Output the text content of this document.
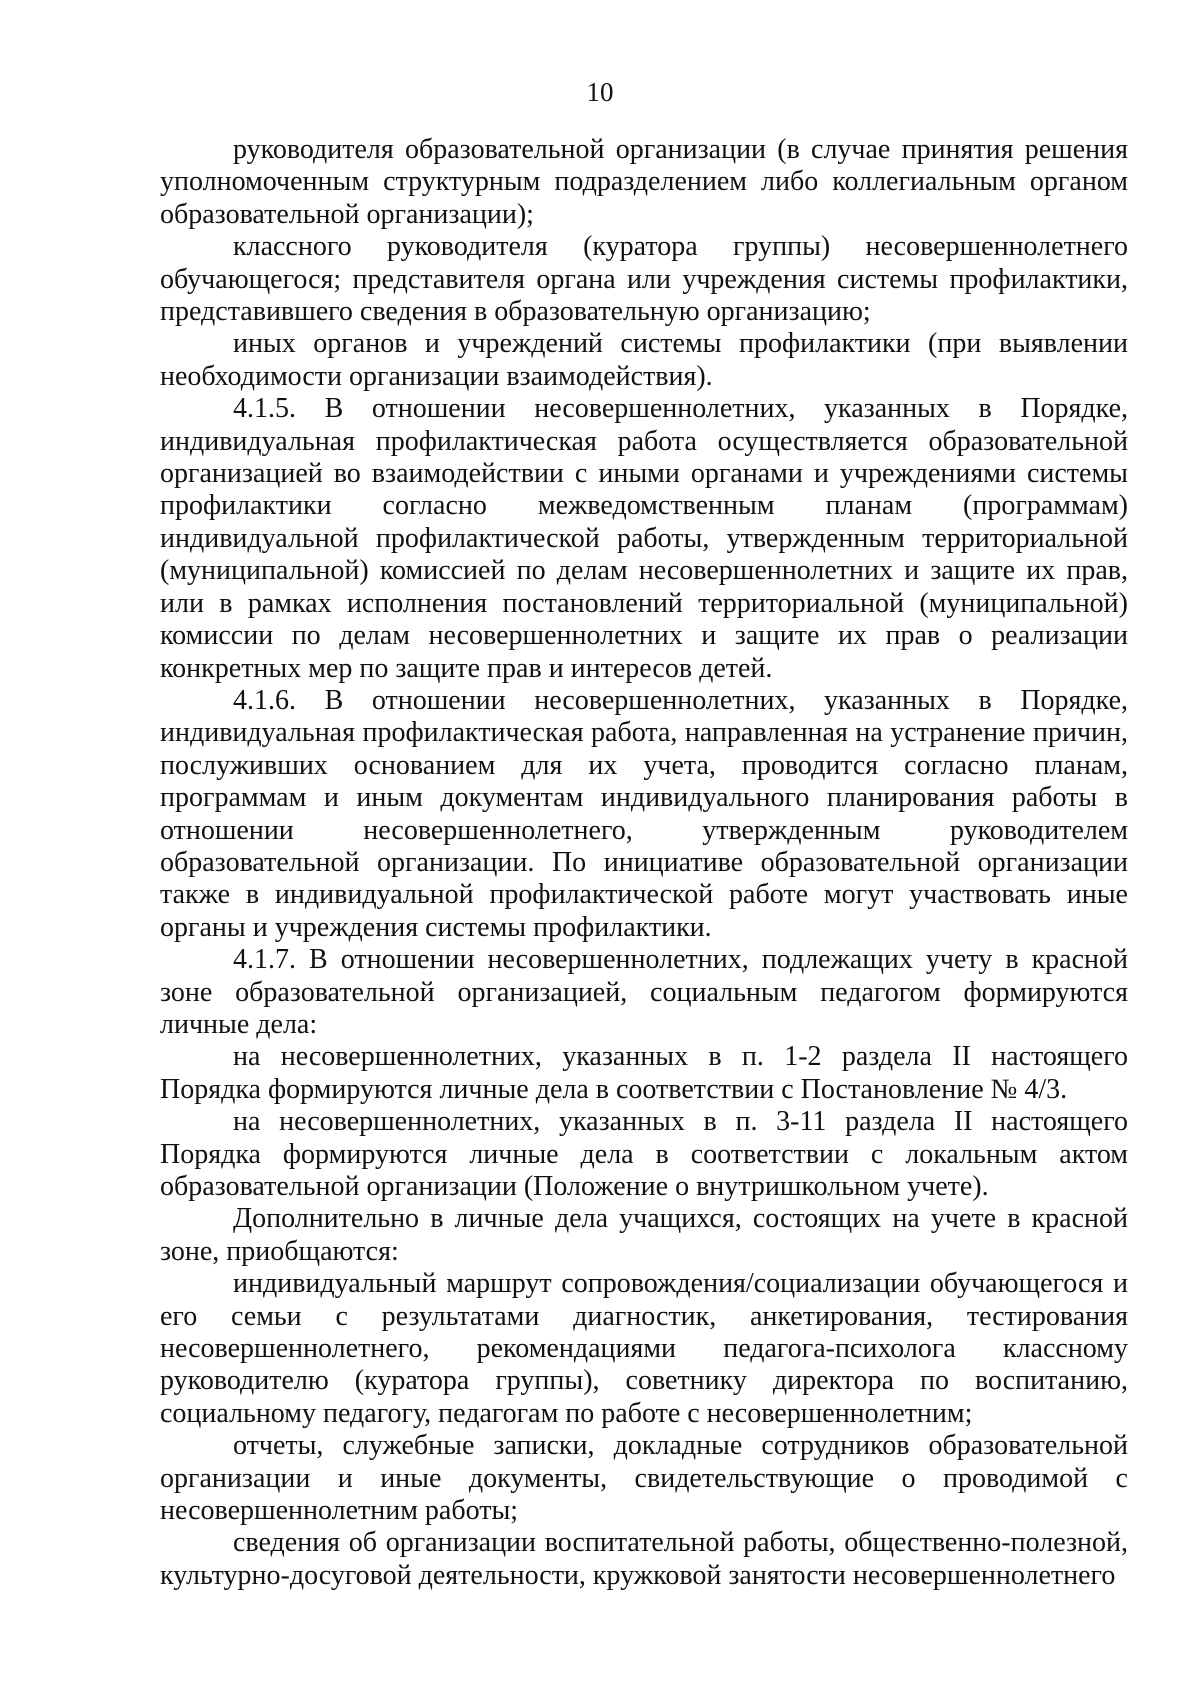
10

руководителя образовательной организации (в случае принятия решения уполномоченным структурным подразделением либо коллегиальным органом образовательной организации);

классного руководителя (куратора группы) несовершеннолетнего обучающегося; представителя органа или учреждения системы профилактики, представившего сведения в образовательную организацию;

иных органов и учреждений системы профилактики (при выявлении необходимости организации взаимодействия).

4.1.5. В отношении несовершеннолетних, указанных в Порядке, индивидуальная профилактическая работа осуществляется образовательной организацией во взаимодействии с иными органами и учреждениями системы профилактики согласно межведомственным планам (программам) индивидуальной профилактической работы, утвержденным территориальной (муниципальной) комиссией по делам несовершеннолетних и защите их прав, или в рамках исполнения постановлений территориальной (муниципальной) комиссии по делам несовершеннолетних и защите их прав о реализации конкретных мер по защите прав и интересов детей.

4.1.6. В отношении несовершеннолетних, указанных в Порядке, индивидуальная профилактическая работа, направленная на устранение причин, послуживших основанием для их учета, проводится согласно планам, программам и иным документам индивидуального планирования работы в отношении несовершеннолетнего, утвержденным руководителем образовательной организации. По инициативе образовательной организации также в индивидуальной профилактической работе могут участвовать иные органы и учреждения системы профилактики.

4.1.7. В отношении несовершеннолетних, подлежащих учету в красной зоне образовательной организацией, социальным педагогом формируются личные дела:

на несовершеннолетних, указанных в п. 1-2 раздела II настоящего Порядка формируются личные дела в соответствии с Постановление № 4/3.

на несовершеннолетних, указанных в п. 3-11 раздела II настоящего Порядка формируются личные дела в соответствии с локальным актом образовательной организации (Положение о внутришкольном учете).

Дополнительно в личные дела учащихся, состоящих на учете в красной зоне, приобщаются:

индивидуальный маршрут сопровождения/социализации обучающегося и его семьи с результатами диагностик, анкетирования, тестирования несовершеннолетнего, рекомендациями педагога-психолога классному руководителю (куратора группы), советнику директора по воспитанию, социальному педагогу, педагогам по работе с несовершеннолетним;

отчеты, служебные записки, докладные сотрудников образовательной организации и иные документы, свидетельствующие о проводимой с несовершеннолетним работы;

сведения об организации воспитательной работы, общественно-полезной, культурно-досуговой деятельности, кружковой занятости несовершеннолетнего
